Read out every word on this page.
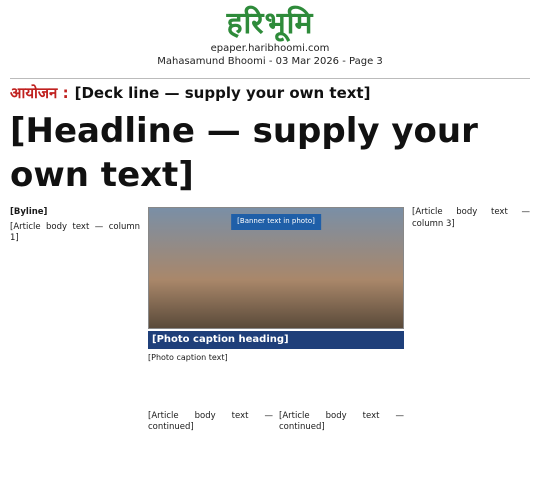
हरिभूमि
epaper.haribhoomi.com
Mahasamund Bhoomi - 03 Mar 2026 - Page 3
आयोजन : [Deck line — supply your own text]
[Headline — supply your own text]
[Byline]
[Article body text — column 1]
[Banner text in photo]
[Photo caption heading]
[Photo caption text]
[Article body text — continued]
[Article body text — continued]
[Article body text — column 3]
